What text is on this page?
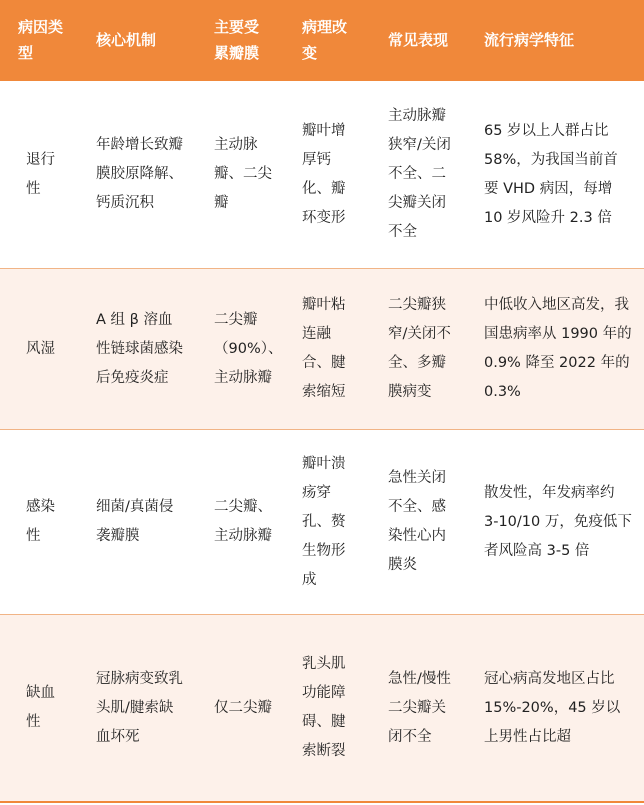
病因类型	核心机制	主要受累瓣膜	病理改变	常见表现	流行病学特征
退行性	年龄增长致瓣膜胶原降解、钙质沉积	主动脉瓣、二尖瓣	瓣叶增厚钙化、瓣环变形	主动脉瓣狭窄/关闭不全、二尖瓣关闭不全	65 岁以上人群占比 58%，为我国当前首要 VHD 病因，每增 10 岁风险升 2.3 倍
风湿	A 组 β 溶血性链球菌感染后免疫炎症	二尖瓣（90%）、主动脉瓣	瓣叶粘连融合、腱索缩短	二尖瓣狭窄/关闭不全、多瓣膜病变	中低收入地区高发，我国患病率从 1990 年的 0.9% 降至 2022 年的 0.3%
感染性	细菌/真菌侵袭瓣膜	二尖瓣、主动脉瓣	瓣叶溃疡穿孔、赘生物形成	急性关闭不全、感染性心内膜炎	散发性，年发病率约 3-10/10 万，免疫低下者风险高 3-5 倍
缺血性	冠脉病变致乳头肌/腱索缺血坏死	仅二尖瓣	乳头肌功能障碍、腱索断裂	急性/慢性二尖瓣关闭不全	冠心病高发地区占比 15%-20%，45 岁以上男性占比超
